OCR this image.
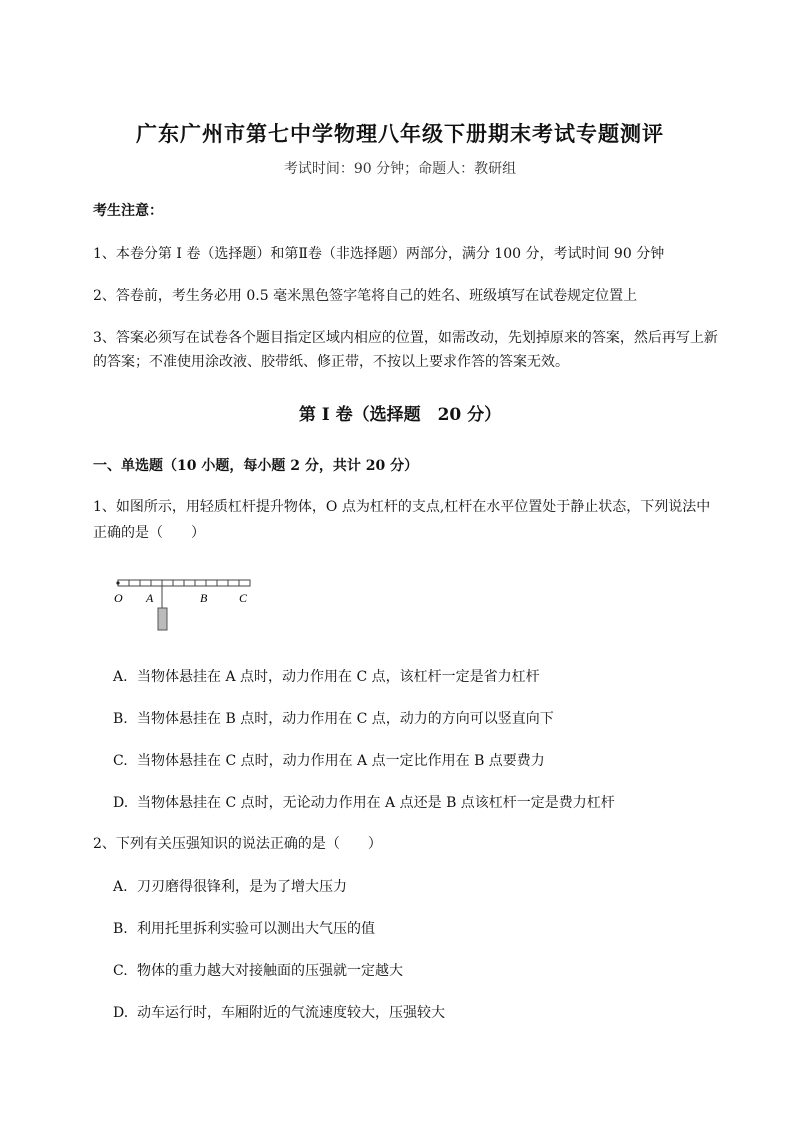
广东广州市第七中学物理八年级下册期末考试专题测评
考试时间：90 分钟；命题人：教研组
考生注意：
1、本卷分第 I 卷（选择题）和第Ⅱ卷（非选择题）两部分，满分 100 分，考试时间 90 分钟
2、答卷前，考生务必用 0.5 毫米黑色签字笔将自己的姓名、班级填写在试卷规定位置上
3、答案必须写在试卷各个题目指定区域内相应的位置，如需改动，先划掉原来的答案，然后再写上新的答案；不准使用涂改液、胶带纸、修正带，不按以上要求作答的答案无效。
第 I 卷（选择题　20 分）
一、单选题（10 小题，每小题 2 分，共计 20 分）
1、如图所示，用轻质杠杆提升物体，O 点为杠杆的支点,杠杆在水平位置处于静止状态，下列说法中正确的是（　　）
O A	B	C
A. 当物体悬挂在 A 点时，动力作用在 C 点，该杠杆一定是省力杠杆
B. 当物体悬挂在 B 点时，动力作用在 C 点，动力的方向可以竖直向下
C. 当物体悬挂在 C 点时，动力作用在 A 点一定比作用在 B 点要费力
D. 当物体悬挂在 C 点时，无论动力作用在 A 点还是 B 点该杠杆一定是费力杠杆
2、下列有关压强知识的说法正确的是（　　）
A. 刀刃磨得很锋利，是为了增大压力
B. 利用托里拆利实验可以测出大气压的值
C. 物体的重力越大对接触面的压强就一定越大
D. 动车运行时，车厢附近的气流速度较大，压强较大
